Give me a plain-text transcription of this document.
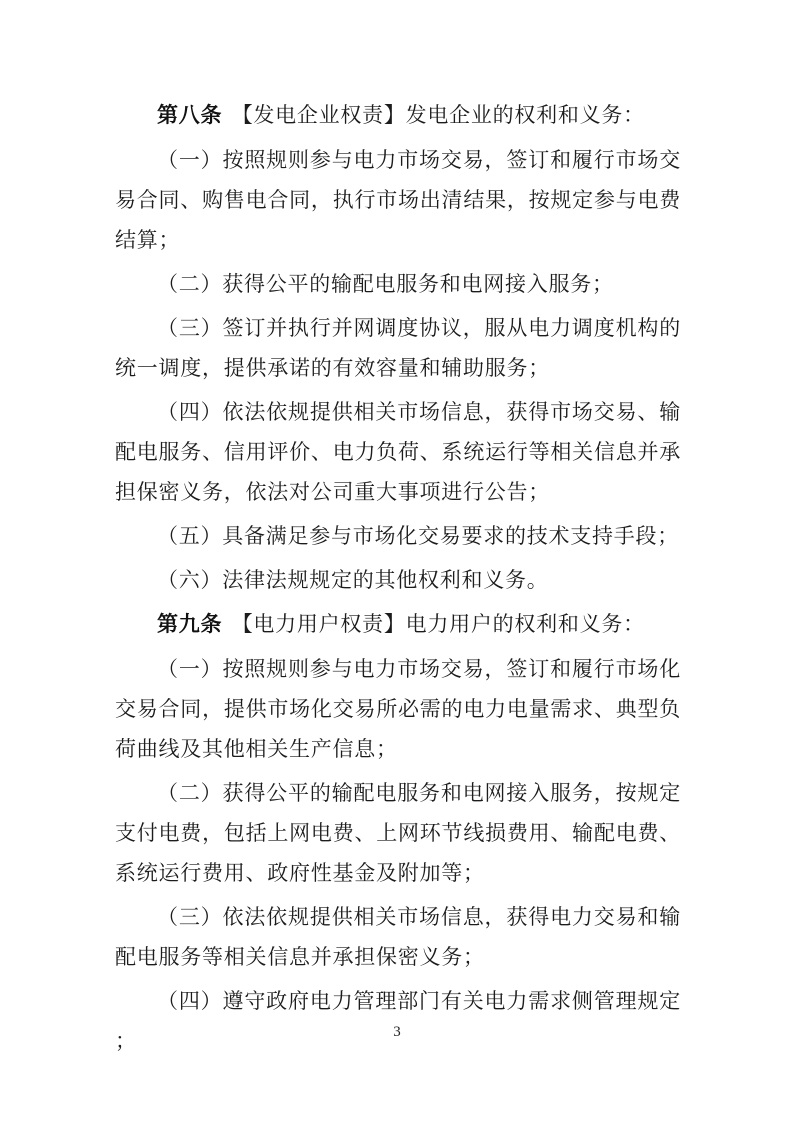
第八条 【发电企业权责】发电企业的权利和义务：

（一）按照规则参与电力市场交易，签订和履行市场交易合同、购售电合同，执行市场出清结果，按规定参与电费结算；

（二）获得公平的输配电服务和电网接入服务；

（三）签订并执行并网调度协议，服从电力调度机构的统一调度，提供承诺的有效容量和辅助服务；

（四）依法依规提供相关市场信息，获得市场交易、输配电服务、信用评价、电力负荷、系统运行等相关信息并承担保密义务，依法对公司重大事项进行公告；

（五）具备满足参与市场化交易要求的技术支持手段；

（六）法律法规规定的其他权利和义务。

第九条 【电力用户权责】电力用户的权利和义务：

（一）按照规则参与电力市场交易，签订和履行市场化交易合同，提供市场化交易所必需的电力电量需求、典型负荷曲线及其他相关生产信息；

（二）获得公平的输配电服务和电网接入服务，按规定支付电费，包括上网电费、上网环节线损费用、输配电费、系统运行费用、政府性基金及附加等；

（三）依法依规提供相关市场信息，获得电力交易和输配电服务等相关信息并承担保密义务；

（四）遵守政府电力管理部门有关电力需求侧管理规定；	3
